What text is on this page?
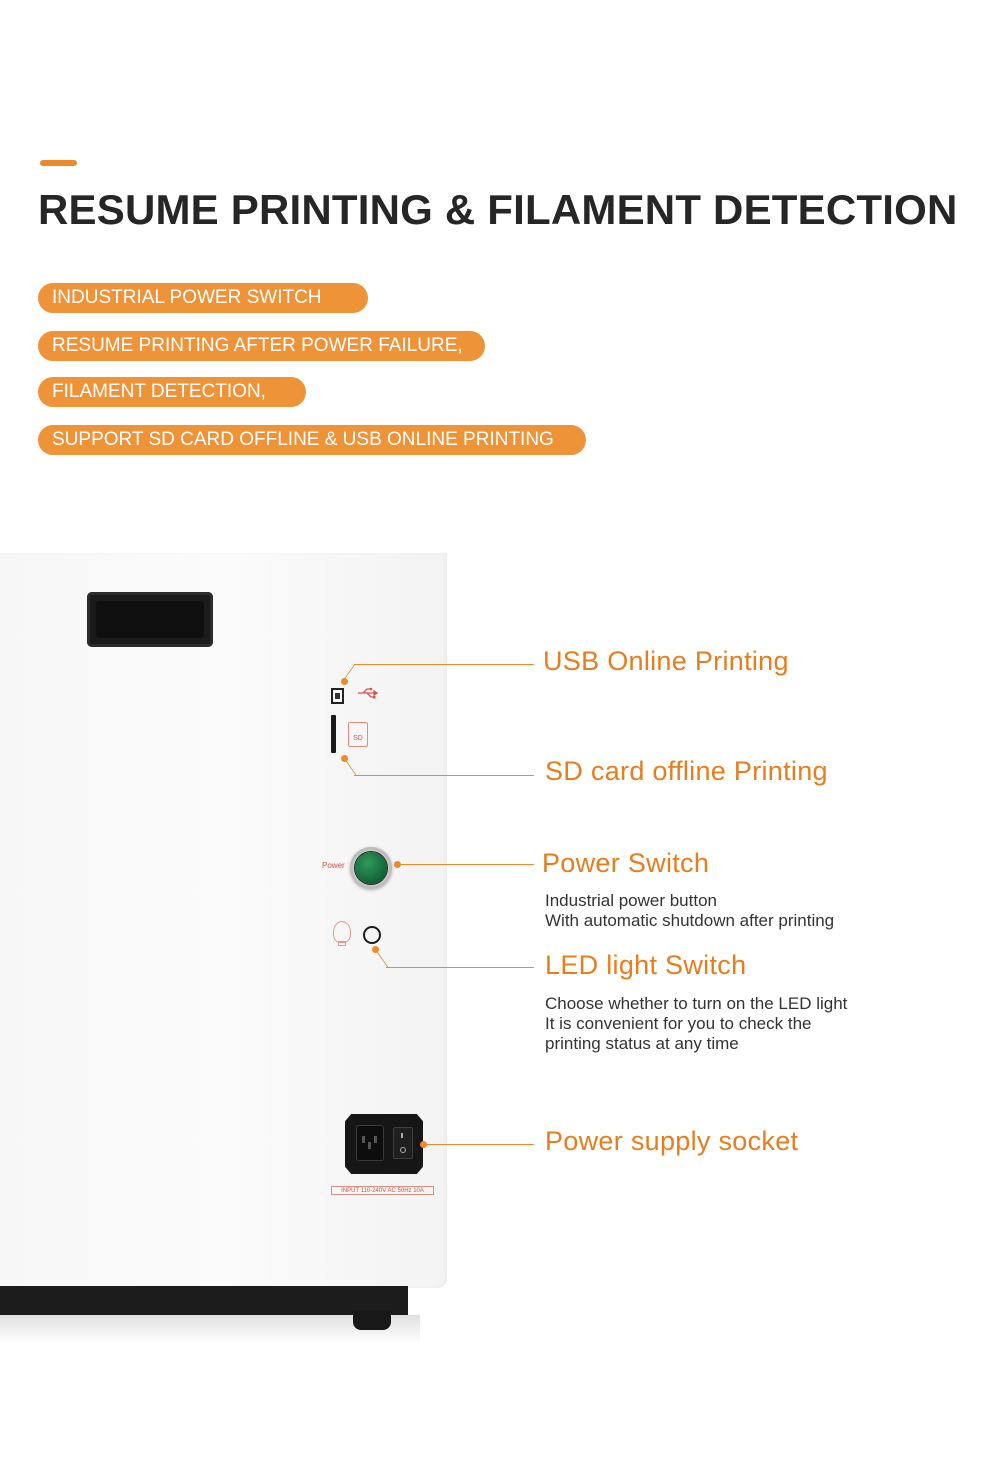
RESUME PRINTING & FILAMENT DETECTION
INDUSTRIAL POWER SWITCH
RESUME PRINTING AFTER POWER FAILURE,
FILAMENT DETECTION,
SUPPORT SD CARD OFFLINE & USB ONLINE PRINTING
SD
Power
INPUT 110-240V AC 50Hz 10A
USB Online Printing
SD card offline Printing
Power Switch
Industrial power button
With automatic shutdown after printing
LED light Switch
Choose whether to turn on the LED light
It is convenient for you to check the
printing status at any time
Power supply socket
